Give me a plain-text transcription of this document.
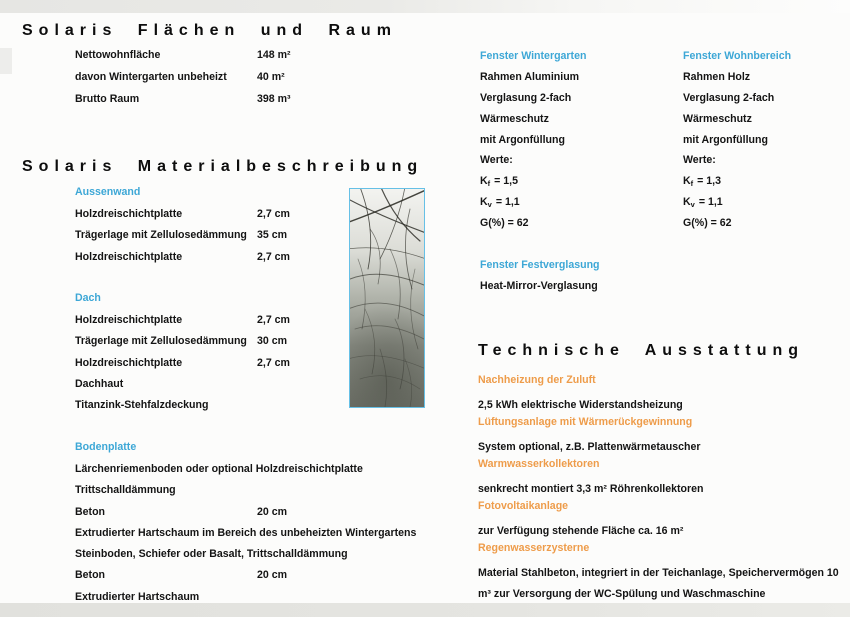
Solaris Flächen und Raum
Nettowohnfläche	148 m²
davon Wintergarten unbeheizt	40 m²
Brutto Raum	398 m³
Solaris Materialbeschreibung
Aussenwand
Holzdreischichtplatte	2,7 cm
Trägerlage mit Zellulosedämmung 35 cm
Holzdreischichtplatte	2,7 cm
Dach
Holzdreischichtplatte	2,7 cm
Trägerlage mit Zellulosedämmung 30 cm
Holzdreischichtplatte	2,7 cm
Dachhaut
Titanzink-Stehfalzdeckung
Bodenplatte
Lärchenriemenboden oder optional Holzdreischichtplatte
Trittschalldämmung
Beton	20 cm
Extrudierter Hartschaum im Bereich des unbeheizten Wintergartens
Steinboden, Schiefer oder Basalt, Trittschalldämmung
Beton	20 cm
Extrudierter Hartschaum
Fenster Wintergarten
Rahmen Aluminium
Verglasung 2-fach
Wärmeschutz
mit Argonfüllung
Werte:
$K_f = 1,5$
$K_v = 1,1$
G(%) = 62
Fenster Wohnbereich
Rahmen Holz
Verglasung 2-fach
Wärmeschutz
mit Argonfüllung
Werte:
$K_f = 1,3$
$K_v = 1,1$
G(%) = 62
Fenster Festverglasung
Heat-Mirror-Verglasung
Technische Ausstattung
Nachheizung der Zuluft
2,5 kWh elektrische Widerstandsheizung
Lüftungsanlage mit Wärmerückgewinnung
System optional, z.B. Plattenwärmetauscher
Warmwasserkollektoren
senkrecht montiert 3,3 m² Röhrenkollektoren
Fotovoltaikanlage
zur Verfügung stehende Fläche ca. 16 m²
Regenwasserzysterne
Material Stahlbeton, integriert in der Teichanlage, Speichervermögen 10 m³ zur Versorgung der WC-Spülung und Waschmaschine
